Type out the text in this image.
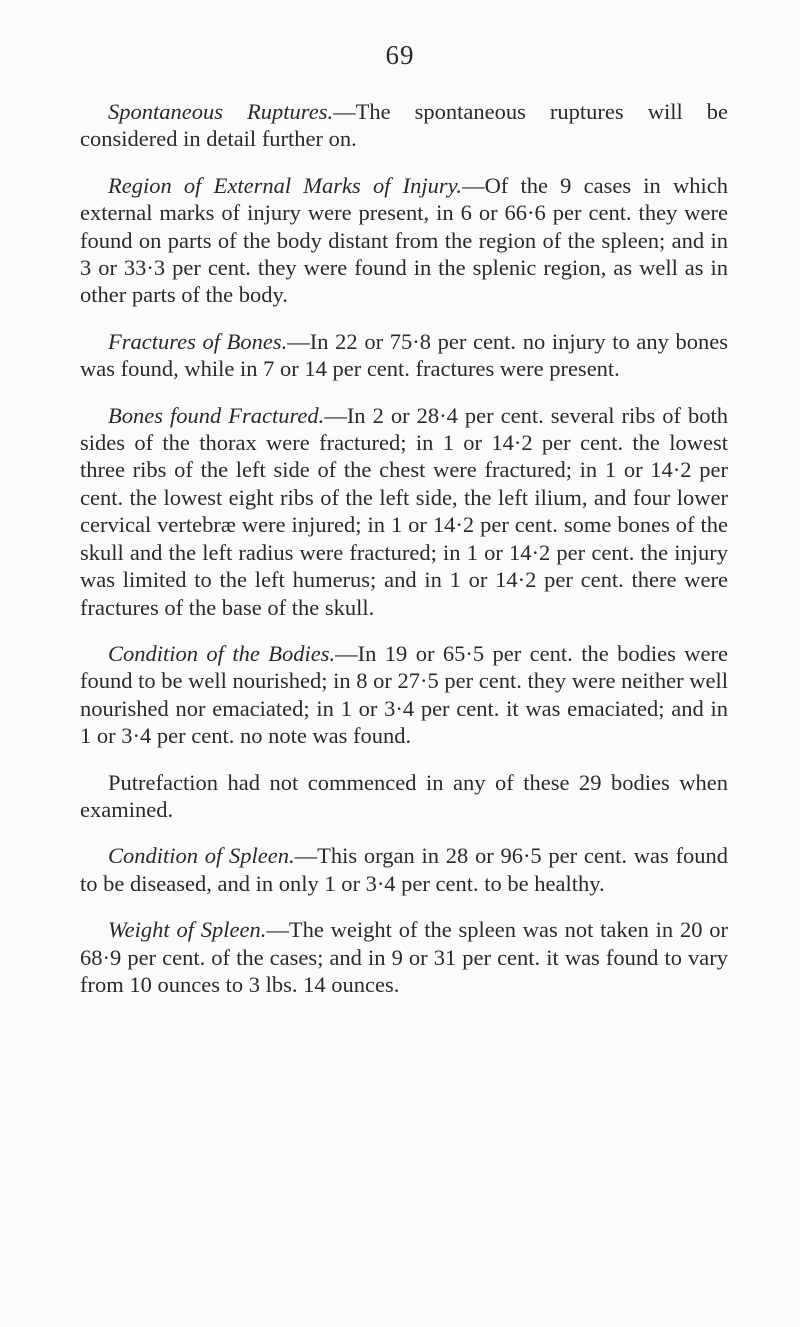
69

Spontaneous Ruptures.—The spontaneous ruptures will be considered in detail further on.

Region of External Marks of Injury.—Of the 9 cases in which external marks of injury were present, in 6 or 66·6 per cent. they were found on parts of the body distant from the region of the spleen; and in 3 or 33·3 per cent. they were found in the splenic region, as well as in other parts of the body.

Fractures of Bones.—In 22 or 75·8 per cent. no injury to any bones was found, while in 7 or 14 per cent. fractures were present.

Bones found Fractured.—In 2 or 28·4 per cent. several ribs of both sides of the thorax were fractured; in 1 or 14·2 per cent. the lowest three ribs of the left side of the chest were fractured; in 1 or 14·2 per cent. the lowest eight ribs of the left side, the left ilium, and four lower cervical vertebræ were injured; in 1 or 14·2 per cent. some bones of the skull and the left radius were fractured; in 1 or 14·2 per cent. the injury was limited to the left humerus; and in 1 or 14·2 per cent. there were fractures of the base of the skull.

Condition of the Bodies.—In 19 or 65·5 per cent. the bodies were found to be well nourished; in 8 or 27·5 per cent. they were neither well nourished nor emaciated; in 1 or 3·4 per cent. it was emaciated; and in 1 or 3·4 per cent. no note was found.

Putrefaction had not commenced in any of these 29 bodies when examined.

Condition of Spleen.—This organ in 28 or 96·5 per cent. was found to be diseased, and in only 1 or 3·4 per cent. to be healthy.

Weight of Spleen.—The weight of the spleen was not taken in 20 or 68·9 per cent. of the cases; and in 9 or 31 per cent. it was found to vary from 10 ounces to 3 lbs. 14 ounces.
